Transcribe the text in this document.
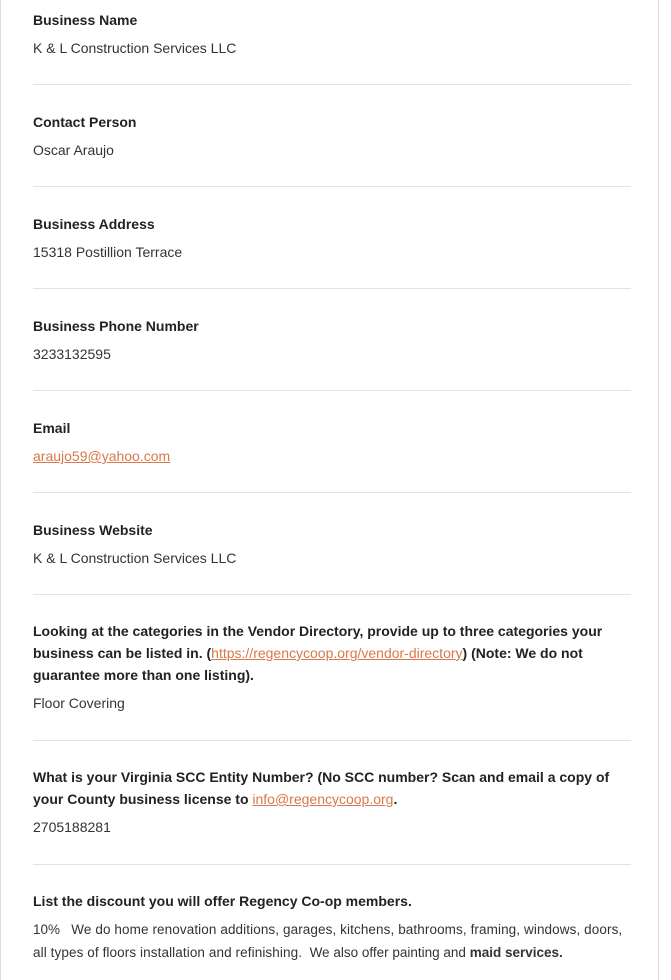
Business Name
K & L Construction Services LLC
Contact Person
Oscar Araujo
Business Address
15318 Postillion Terrace
Business Phone Number
3233132595
Email
araujo59@yahoo.com
Business Website
K & L Construction Services LLC
Looking at the categories in the Vendor Directory, provide up to three categories your business can be listed in. (https://regencycoop.org/vendor-directory) (Note: We do not guarantee more than one listing).
Floor Covering
What is your Virginia SCC Entity Number? (No SCC number? Scan and email a copy of your County business license to info@regencycoop.org.
2705188281
List the discount you will offer Regency Co-op members.
10% We do home renovation additions, garages, kitchens, bathrooms, framing, windows, doors, all types of floors installation and refinishing. We also offer painting and maid services.
